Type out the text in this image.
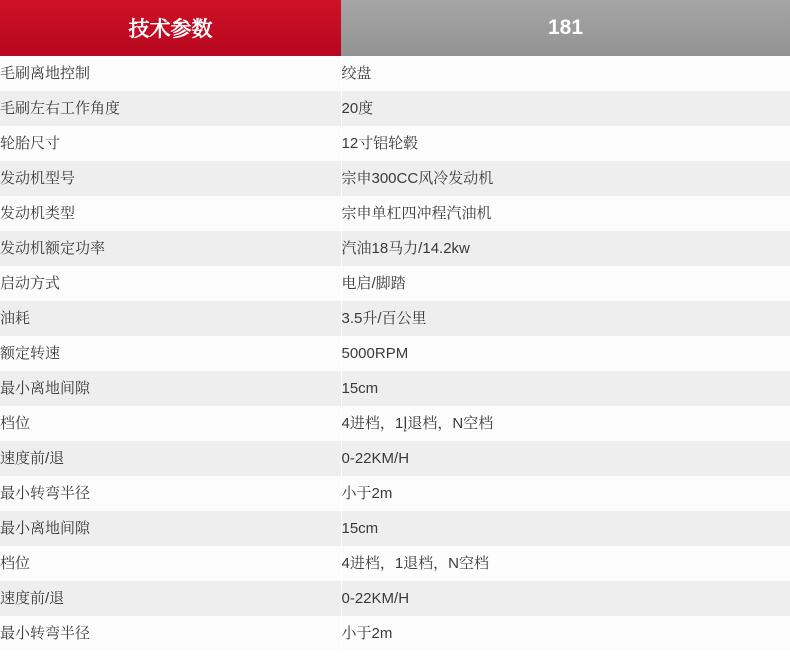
技术参数	181
毛刷离地控制	绞盘
毛刷左右工作角度	20度
轮胎尺寸	12寸铝轮毂
发动机型号	宗申300CC风冷发动机
发动机类型	宗申单杠四冲程汽油机
发动机额定功率	汽油18马力/14.2kw
启动方式	电启/脚踏
油耗	3.5升/百公里
额定转速	5000RPM
最小离地间隙	15cm
档位	4进档，1إ退档，N空档
速度前/退	0-22KM/H
最小转弯半径	小于2m
最小离地间隙	15cm
档位	4进档，1退档，N空档
速度前/退	0-22KM/H
最小转弯半径	小于2m
